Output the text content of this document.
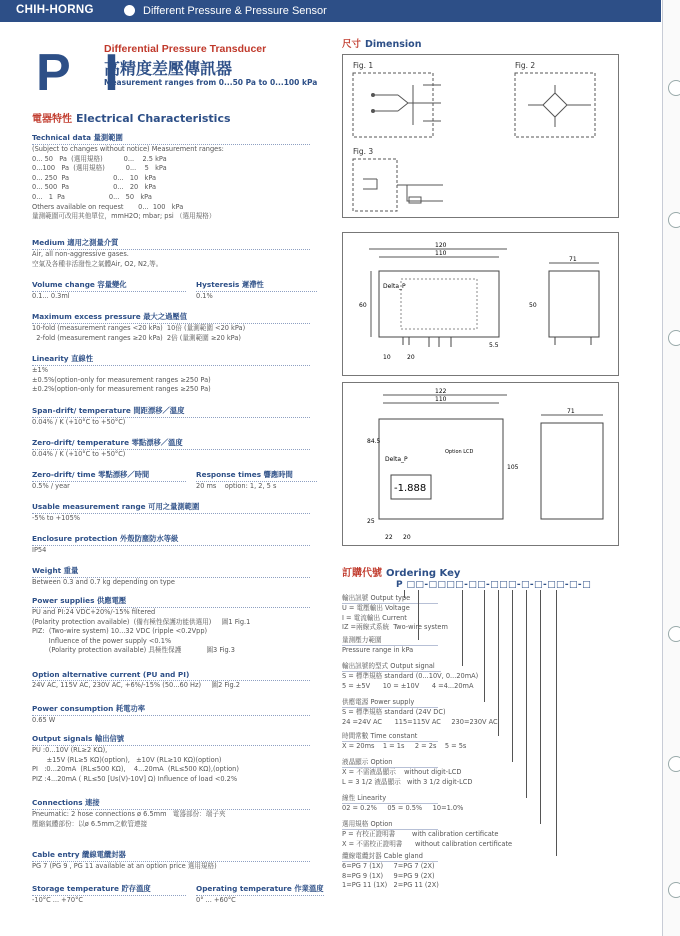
CHIH-HORNG	Different Pressure & Pressure Sensor
P I
Differential Pressure Transducer
高精度差壓傳訊器
Measurement ranges from 0...50 Pa to 0...100 kPa
電器特性 Electrical Characteristics
Technical data 量測範圍
(Subject to changes without notice) Measurement ranges:
0... 50   Pa  (選用規格)          0...    2.5 kPa
0...100   Pa  (選用規格)          0...    5   kPa
0... 250  Pa                     0...   10   kPa
0... 500  Pa                     0...   20   kPa
0...   1  Pa                     0...   50   kPa
Others available on request       0...  100   kPa
量測範圍可改用其他單位，mmH2O; mbar; psi （選用規格）
Medium 適用之測量介質
Air, all non-aggressive gases.
空氣及各種非活潑性之氣體Air, O2, N2,等。
Volume change 容量變化
0.1... 0.3ml
Hysteresis 遲滯性
0.1%
Maximum excess pressure 最大之過壓值
10-fold (measurement ranges <20 kPa)  10倍 (量測範圍 <20 kPa)
2-fold (measurement ranges ≥20 kPa)  2倍 (量測範圍 ≥20 kPa)
Linearity 直線性
±1%
±0.5%(option-only for measurement ranges ≥250 Pa)
±0.2%(option-only for measurement ranges ≥250 Pa)
Span-drift/ temperature 間距漂移／溫度
0.04% / K (+10°C to +50°C)
Zero-drift/ temperature 零點漂移／溫度
0.04% / K (+10°C to +50°C)
Zero-drift/ time 零點漂移／時間
0.5% / year
Response times 響應時間
20 ms    option: 1, 2, 5 s
Usable measurement range 可用之量測範圍
-5% to +105%
Enclosure protection 外殼防塵防水等級
IP54
Weight 重量
Between 0.3 and 0.7 kg depending on type
Power supplies 供應電壓
PU and PI:24 VDC+20%/-15% filtered
(Polarity protection available)  (備有極性保護功能供選用)     圖1 Fig.1
PIZ:  (Two-wire system) 10...32 VDC (ripple <0.2Vpp)
Influence of the power supply <0.1%
(Polarity protection available) 具極性保護            圖3 Fig.3
Option alternative current (PU and PI)
24V AC, 115V AC, 230V AC, +6%/-15% (50...60 Hz)     圖2 Fig.2
Power consumption 耗電功率
0.65 W
Output signals 輸出信號
PU :0...10V (RL≥2 KΩ),
±15V (RL≥5 KΩ)(option),   ±10V (RL≥10 KΩ)(option)
PI   :0...20mA  (RL≤500 KΩ),    4...20mA  (RL≤500 KΩ),(option)
PIZ :4...20mA ( RL≤50 [Us(V)-10V] Ω) Influence of load <0.2%
Connections 連接
Pneumatic: 2 hose connections ø 6.5mm   電器部份：端子夾
壓縮氣體部份：以ø 6.5mm之軟管連接
Cable entry 纜線電纜封器
PG 7 (PG 9 , PG 11 available at an option price 選用規格)
Storage temperature 貯存溫度
-10°C ... +70°C
Operating temperature 作業溫度
0° ... +60°C
尺寸 Dimension
Fig. 1	Fig. 2
Fig. 3
Delta_P
120
110
60
10	20
5.5
71
50
Delta_P
Option LCD
-1.888
122
110
84.5
105
22 20
25
71
訂購代號 Ordering Key
P □□-□□□□-□□-□□□-□-□-□□-□-□
輸出訊號 Output type
U = 電壓輸出 Voltage
I = 電流輸出 Current
IZ =兩線式系統  Two-wire system
量測壓力範圍
Pressure range in kPa
輸出訊號的型式 Output signal
S = 標準規格 standard (0...10V, 0...20mA)
5 = ±5V      10 = ±10V      4 =4...20mA
供應電源 Power supply
S = 標準規格 standard (24V DC)
24 =24V AC      115=115V AC     230=230V AC
時間常數 Time constant
X = 20ms    1 = 1s     2 = 2s    5 = 5s
液晶顯示 Option
X = 不需液晶顯示    without digit-LCD
L = 3 1/2 液晶顯示   with 3 1/2 digit-LCD
線性 Linearity
02 = 0.2%     05 = 0.5%     10=1.0%
選用規格 Option
P = 有校正證明書        with calibration certificate
X = 不需校正證明書      without calibration certificate
纜線電纜封器 Cable gland
6=PG 7 (1X)     7=PG 7 (2X)
8=PG 9 (1X)     9=PG 9 (2X)
1=PG 11 (1X)   2=PG 11 (2X)
